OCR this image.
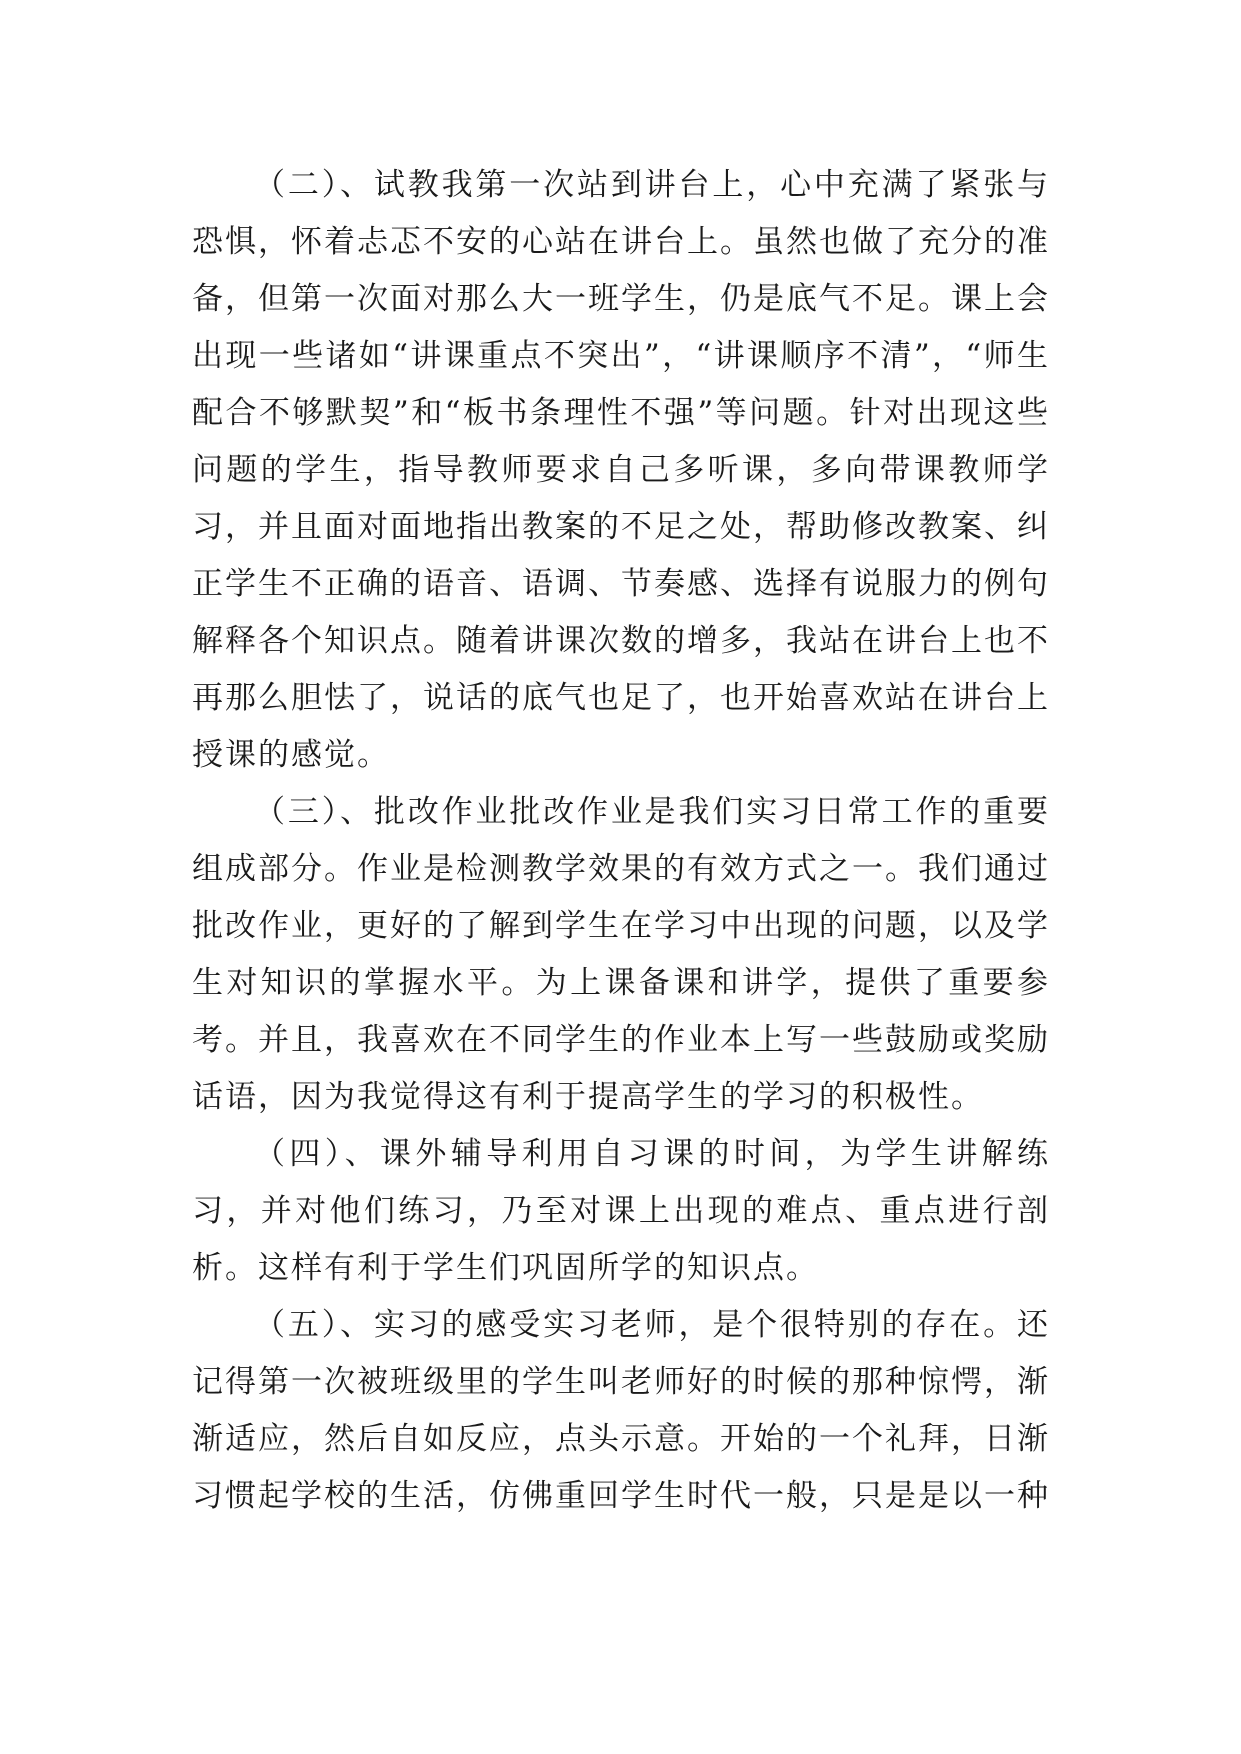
（二）、试教我第一次站到讲台上，心中充满了紧张与恐惧，怀着忐忑不安的心站在讲台上。虽然也做了充分的准备，但第一次面对那么大一班学生，仍是底气不足。课上会出现一些诸如“讲课重点不突出”，“讲课顺序不清”，“师生配合不够默契”和“板书条理性不强”等问题。针对出现这些问题的学生，指导教师要求自己多听课，多向带课教师学习，并且面对面地指出教案的不足之处，帮助修改教案、纠正学生不正确的语音、语调、节奏感、选择有说服力的例句解释各个知识点。随着讲课次数的增多，我站在讲台上也不再那么胆怯了，说话的底气也足了，也开始喜欢站在讲台上授课的感觉。

（三）、批改作业批改作业是我们实习日常工作的重要组成部分。作业是检测教学效果的有效方式之一。我们通过批改作业，更好的了解到学生在学习中出现的问题，以及学生对知识的掌握水平。为上课备课和讲学，提供了重要参考。并且，我喜欢在不同学生的作业本上写一些鼓励或奖励话语，因为我觉得这有利于提高学生的学习的积极性。

（四）、课外辅导利用自习课的时间，为学生讲解练习，并对他们练习，乃至对课上出现的难点、重点进行剖析。这样有利于学生们巩固所学的知识点。

（五）、实习的感受实习老师，是个很特别的存在。还记得第一次被班级里的学生叫老师好的时候的那种惊愕，渐渐适应，然后自如反应，点头示意。开始的一个礼拜，日渐习惯起学校的生活，仿佛重回学生时代一般，只是是以一种
